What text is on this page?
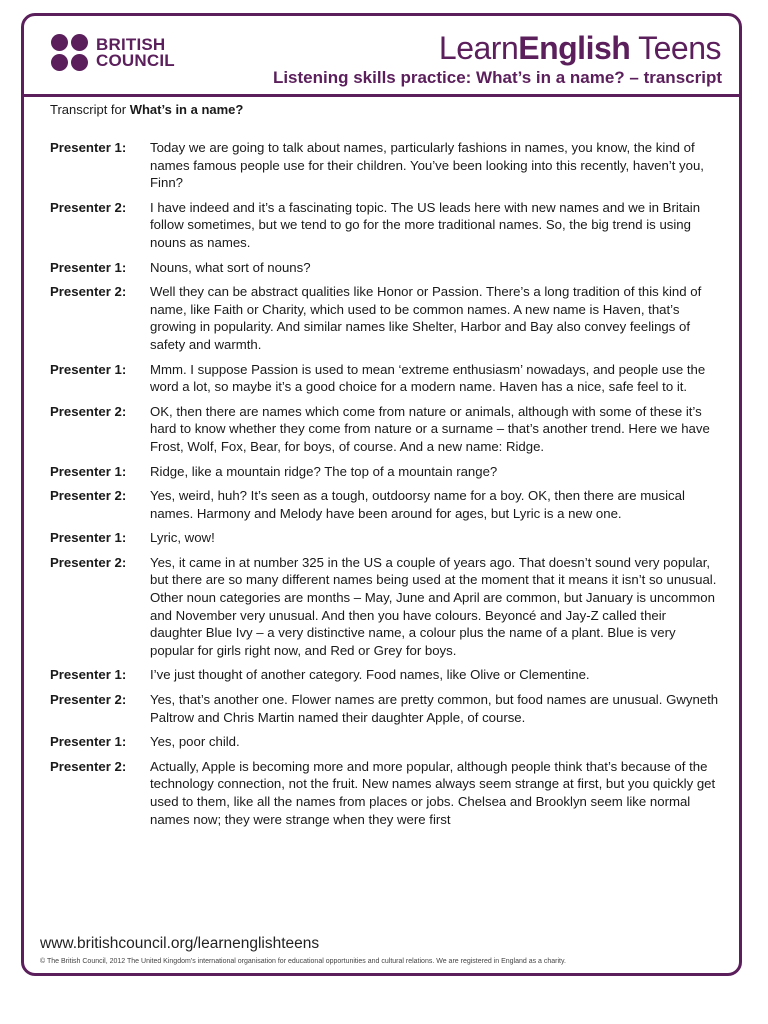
BRITISH
COUNCIL	LearnEnglish Teens
Listening skills practice: What’s in a name? – transcript

Transcript for What’s in a name?

Presenter 1:	Today we are going to talk about names, particularly fashions in names, you know, the kind of names famous people use for their children. You’ve been looking into this recently, haven’t you, Finn?
Presenter 2:	I have indeed and it’s a fascinating topic. The US leads here with new names and we in Britain follow sometimes, but we tend to go for the more traditional names. So, the big trend is using nouns as names.
Presenter 1:	Nouns, what sort of nouns?
Presenter 2:	Well they can be abstract qualities like Honor or Passion. There’s a long tradition of this kind of name, like Faith or Charity, which used to be common names. A new name is Haven, that’s growing in popularity. And similar names like Shelter, Harbor and Bay also convey feelings of safety and warmth.
Presenter 1:	Mmm. I suppose Passion is used to mean ‘extreme enthusiasm’ nowadays, and people use the word a lot, so maybe it’s a good choice for a modern name. Haven has a nice, safe feel to it.
Presenter 2:	OK, then there are names which come from nature or animals, although with some of these it’s hard to know whether they come from nature or a surname – that’s another trend. Here we have Frost, Wolf, Fox, Bear, for boys, of course. And a new name: Ridge.
Presenter 1:	Ridge, like a mountain ridge? The top of a mountain range?
Presenter 2:	Yes, weird, huh? It’s seen as a tough, outdoorsy name for a boy. OK, then there are musical names. Harmony and Melody have been around for ages, but Lyric is a new one.
Presenter 1:	Lyric, wow!
Presenter 2:	Yes, it came in at number 325 in the US a couple of years ago. That doesn’t sound very popular, but there are so many different names being used at the moment that it means it isn’t so unusual. Other noun categories are months – May, June and April are common, but January is uncommon and November very unusual. And then you have colours. Beyoncé and Jay-Z called their daughter Blue Ivy – a very distinctive name, a colour plus the name of a plant. Blue is very popular for girls right now, and Red or Grey for boys.
Presenter 1:	I’ve just thought of another category. Food names, like Olive or Clementine.
Presenter 2:	Yes, that’s another one. Flower names are pretty common, but food names are unusual. Gwyneth Paltrow and Chris Martin named their daughter Apple, of course.
Presenter 1:	Yes, poor child.
Presenter 2:	Actually, Apple is becoming more and more popular, although people think that’s because of the technology connection, not the fruit. New names always seem strange at first, but you quickly get used to them, like all the names from places or jobs. Chelsea and Brooklyn seem like normal names now; they were strange when they were first
www.britishcouncil.org/learnenglishteens
© The British Council, 2012 The United Kingdom’s international organisation for educational opportunities and cultural relations. We are registered in England as a charity.
